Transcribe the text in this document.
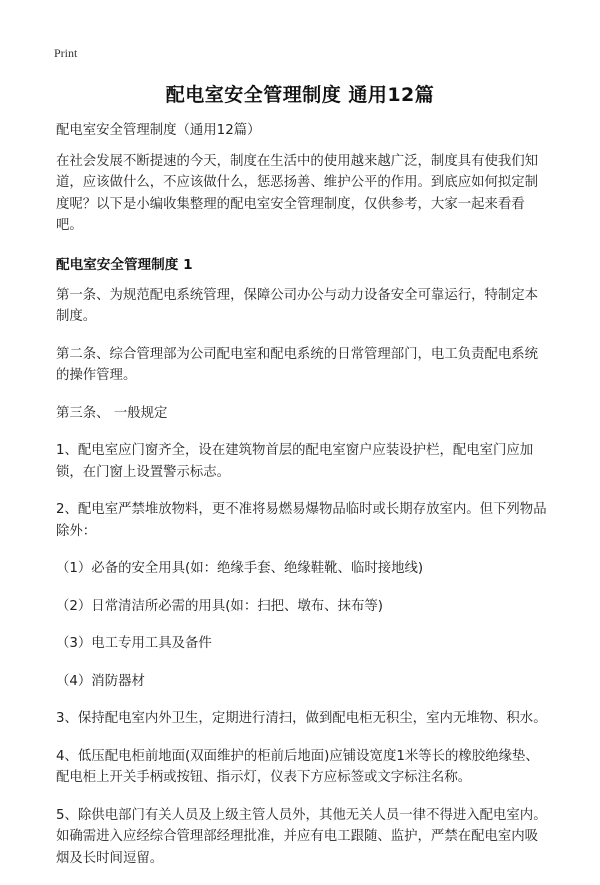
Print
配电室安全管理制度 通用12篇

配电室安全管理制度（通用12篇）

在社会发展不断提速的今天，制度在生活中的使用越来越广泛，制度具有使我们知道，应该做什么，不应该做什么，惩恶扬善、维护公平的作用。到底应如何拟定制度呢？以下是小编收集整理的配电室安全管理制度，仅供参考，大家一起来看看吧。

配电室安全管理制度 1

第一条、为规范配电系统管理，保障公司办公与动力设备安全可靠运行，特制定本制度。

第二条、综合管理部为公司配电室和配电系统的日常管理部门，电工负责配电系统的操作管理。

第三条、 一般规定

1、配电室应门窗齐全，设在建筑物首层的配电室窗户应装设护栏，配电室门应加锁，在门窗上设置警示标志。

2、配电室严禁堆放物料，更不准将易燃易爆物品临时或长期存放室内。但下列物品除外：

（1）必备的安全用具(如：绝缘手套、绝缘鞋靴、临时接地线)

（2）日常清洁所必需的用具(如：扫把、墩布、抹布等)

（3）电工专用工具及备件

（4）消防器材

3、保持配电室内外卫生，定期进行清扫，做到配电柜无积尘，室内无堆物、积水。

4、低压配电柜前地面(双面维护的柜前后地面)应铺设宽度1米等长的橡胶绝缘垫、配电柜上开关手柄或按钮、指示灯，仪表下方应标签或文字标注名称。

5、除供电部门有关人员及上级主管人员外，其他无关人员一律不得进入配电室内。如确需进入应经综合管理部经理批准，并应有电工跟随、监护，严禁在配电室内吸烟及长时间逗留。
